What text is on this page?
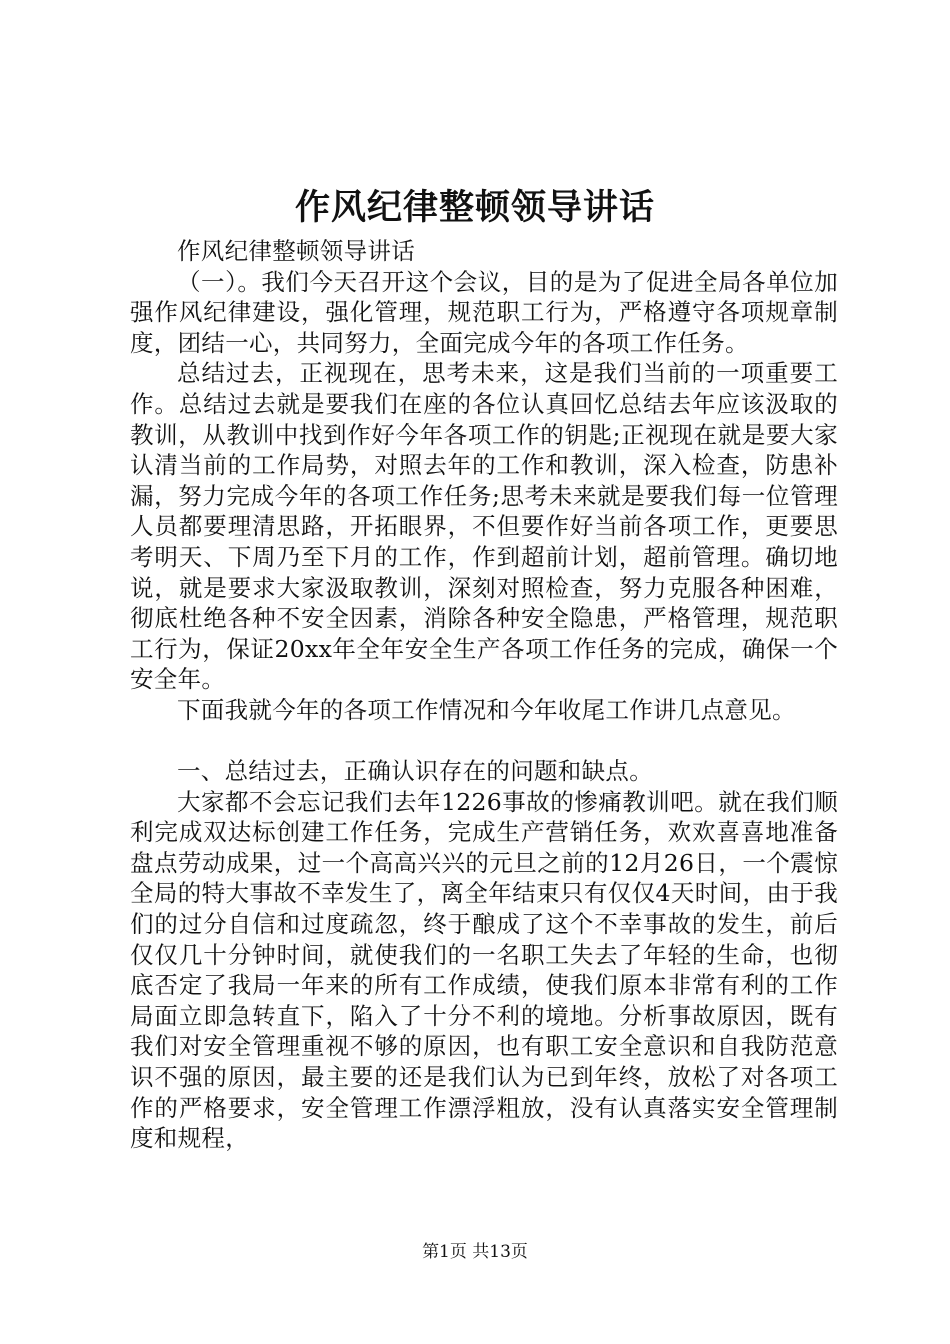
作风纪律整顿领导讲话

作风纪律整顿领导讲话

（一）。我们今天召开这个会议，目的是为了促进全局各单位加强作风纪律建设，强化管理，规范职工行为，严格遵守各项规章制度，团结一心，共同努力，全面完成今年的各项工作任务。

总结过去，正视现在，思考未来，这是我们当前的一项重要工作。总结过去就是要我们在座的各位认真回忆总结去年应该汲取的教训，从教训中找到作好今年各项工作的钥匙;正视现在就是要大家认清当前的工作局势，对照去年的工作和教训，深入检查，防患补漏，努力完成今年的各项工作任务;思考未来就是要我们每一位管理人员都要理清思路，开拓眼界，不但要作好当前各项工作，更要思考明天、下周乃至下月的工作，作到超前计划，超前管理。确切地说，就是要求大家汲取教训，深刻对照检查，努力克服各种困难，彻底杜绝各种不安全因素，消除各种安全隐患，严格管理，规范职工行为，保证20xx年全年安全生产各项工作任务的完成，确保一个安全年。

下面我就今年的各项工作情况和今年收尾工作讲几点意见。

一、总结过去，正确认识存在的问题和缺点。

大家都不会忘记我们去年1226事故的惨痛教训吧。就在我们顺利完成双达标创建工作任务，完成生产营销任务，欢欢喜喜地准备盘点劳动成果，过一个高高兴兴的元旦之前的12月26日，一个震惊全局的特大事故不幸发生了，离全年结束只有仅仅4天时间，由于我们的过分自信和过度疏忽，终于酿成了这个不幸事故的发生，前后仅仅几十分钟时间，就使我们的一名职工失去了年轻的生命，也彻底否定了我局一年来的所有工作成绩，使我们原本非常有利的工作局面立即急转直下，陷入了十分不利的境地。分析事故原因，既有我们对安全管理重视不够的原因，也有职工安全意识和自我防范意识不强的原因，最主要的还是我们认为已到年终，放松了对各项工作的严格要求，安全管理工作漂浮粗放，没有认真落实安全管理制度和规程，

第1页 共13页
